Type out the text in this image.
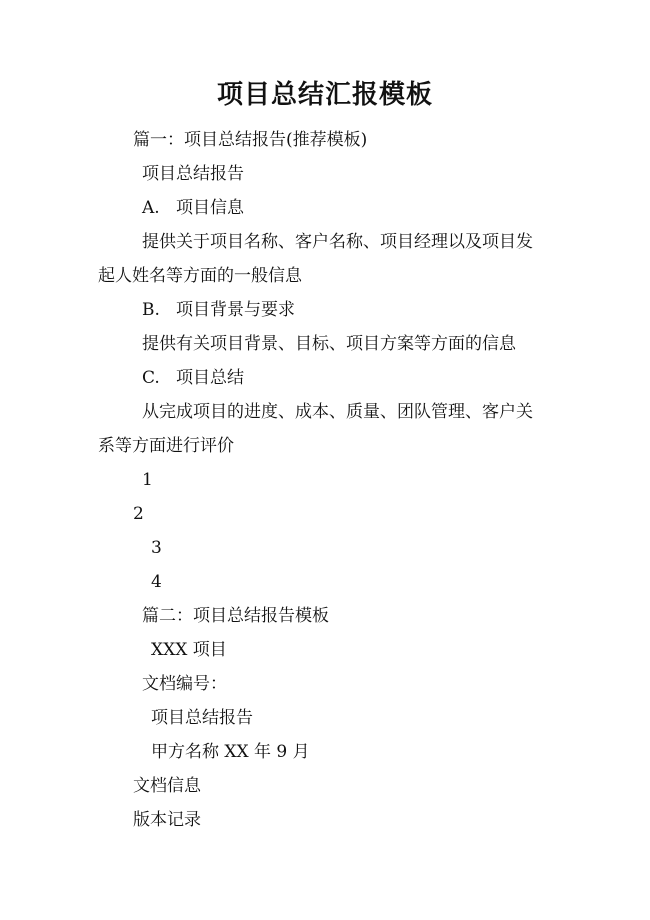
项目总结汇报模板
篇一：项目总结报告(推荐模板)
项目总结报告
A. 项目信息
提供关于项目名称、客户名称、项目经理以及项目发
起人姓名等方面的一般信息
B. 项目背景与要求
提供有关项目背景、目标、项目方案等方面的信息
C. 项目总结
从完成项目的进度、成本、质量、团队管理、客户关
系等方面进行评价
1
2
3
4
篇二：项目总结报告模板
XXX 项目
文档编号：
项目总结报告
甲方名称 XX 年 9 月
文档信息
版本记录
